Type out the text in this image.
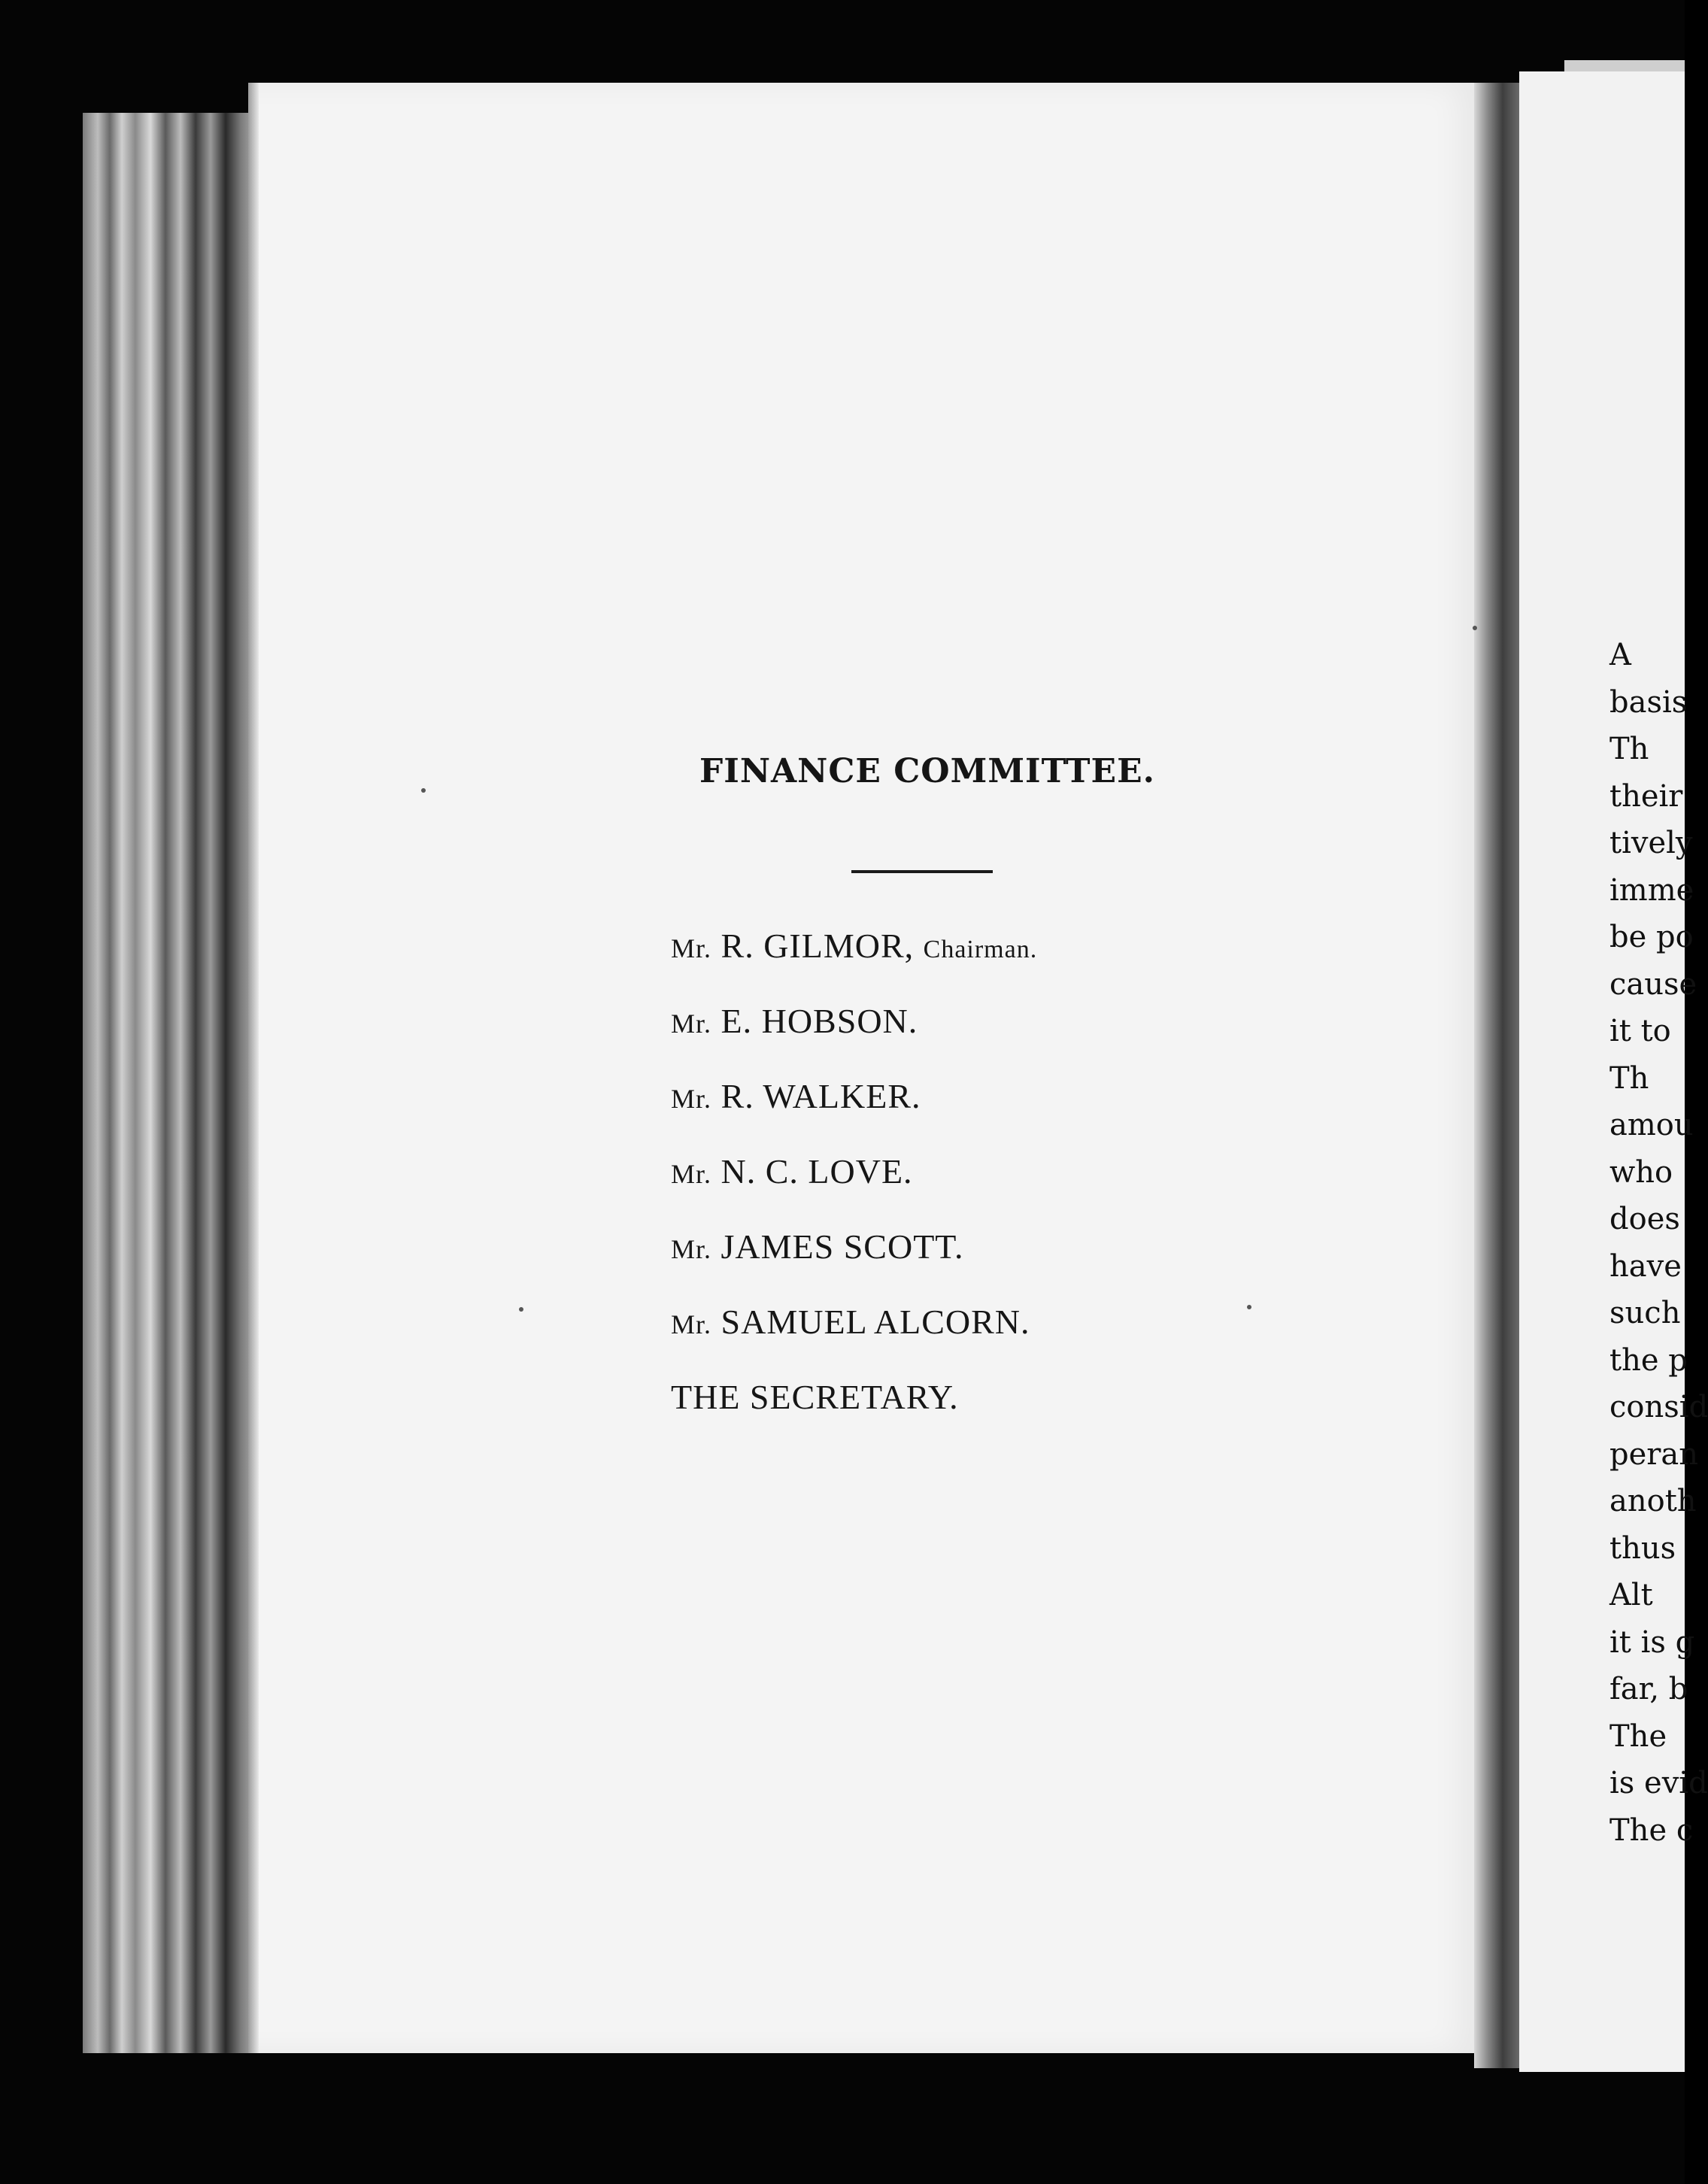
FINANCE COMMITTEE.
Mr. R. GILMOR, Chairman.
Mr. E. HOBSON.
Mr. R. WALKER.
Mr. N. C. LOVE.
Mr. JAMES SCOTT.
Mr. SAMUEL ALCORN.
THE SECRETARY.
A
basis
Th
their
tively
imme
be po
cause
it to
Th
amou
who
does
have
such
the p
consid
peran
anoth
thus
Alt
it is g
far, b
The
is evid
The c
